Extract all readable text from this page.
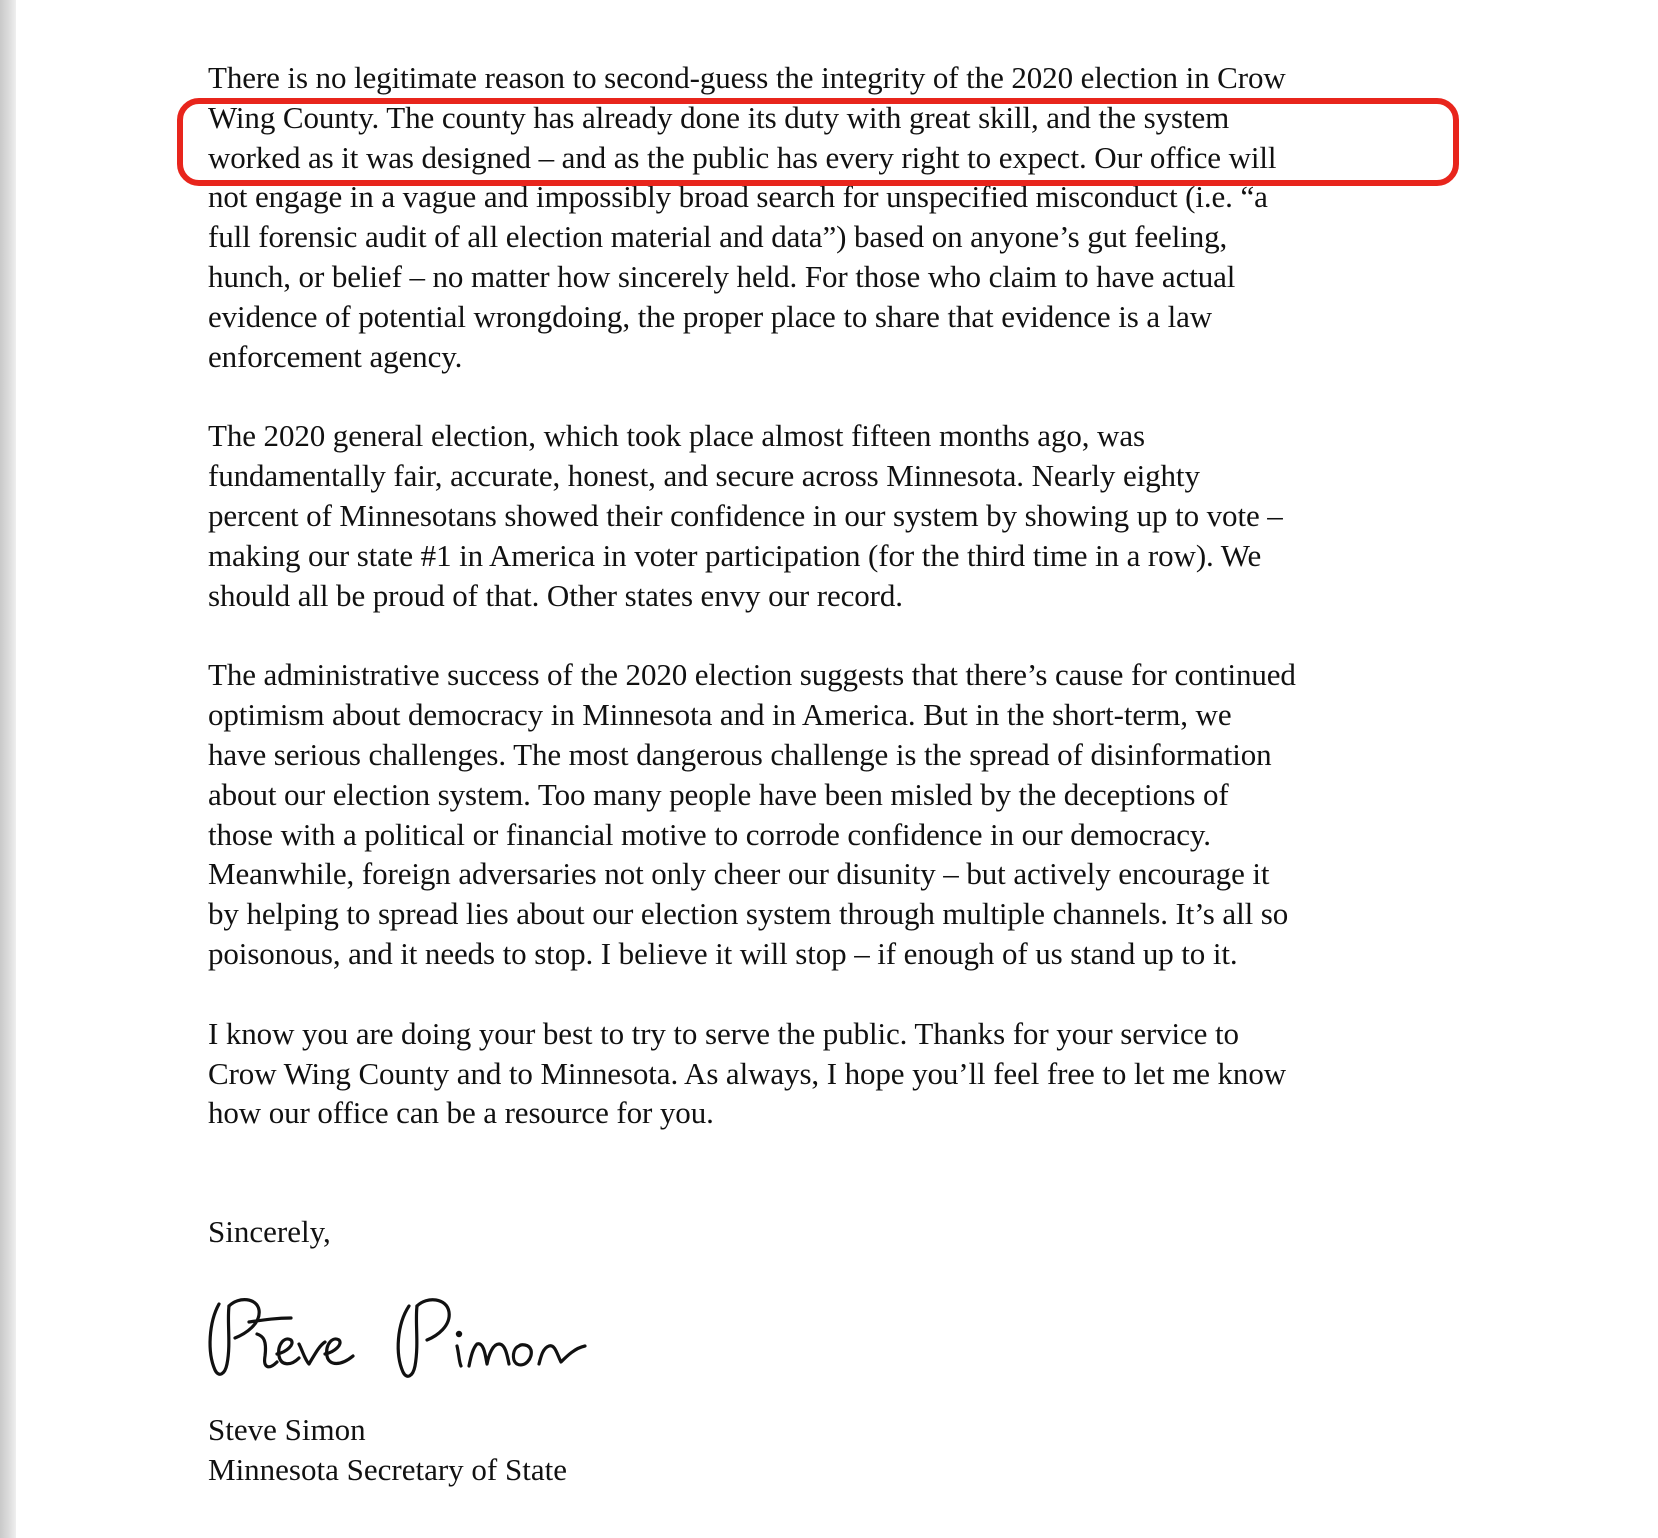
There is no legitimate reason to second-guess the integrity of the 2020 election in Crow
Wing County. The county has already done its duty with great skill, and the system
worked as it was designed – and as the public has every right to expect. Our office will
not engage in a vague and impossibly broad search for unspecified misconduct (i.e. “a
full forensic audit of all election material and data”) based on anyone’s gut feeling,
hunch, or belief – no matter how sincerely held. For those who claim to have actual
evidence of potential wrongdoing, the proper place to share that evidence is a law
enforcement agency.

The 2020 general election, which took place almost fifteen months ago, was
fundamentally fair, accurate, honest, and secure across Minnesota. Nearly eighty
percent of Minnesotans showed their confidence in our system by showing up to vote –
making our state #1 in America in voter participation (for the third time in a row). We
should all be proud of that. Other states envy our record.

The administrative success of the 2020 election suggests that there’s cause for continued
optimism about democracy in Minnesota and in America. But in the short-term, we
have serious challenges. The most dangerous challenge is the spread of disinformation
about our election system. Too many people have been misled by the deceptions of
those with a political or financial motive to corrode confidence in our democracy.
Meanwhile, foreign adversaries not only cheer our disunity – but actively encourage it
by helping to spread lies about our election system through multiple channels. It’s all so
poisonous, and it needs to stop. I believe it will stop – if enough of us stand up to it.

I know you are doing your best to try to serve the public. Thanks for your service to
Crow Wing County and to Minnesota. As always, I hope you’ll feel free to let me know
how our office can be a resource for you.

Sincerely,
Steve Simon
Minnesota Secretary of State
